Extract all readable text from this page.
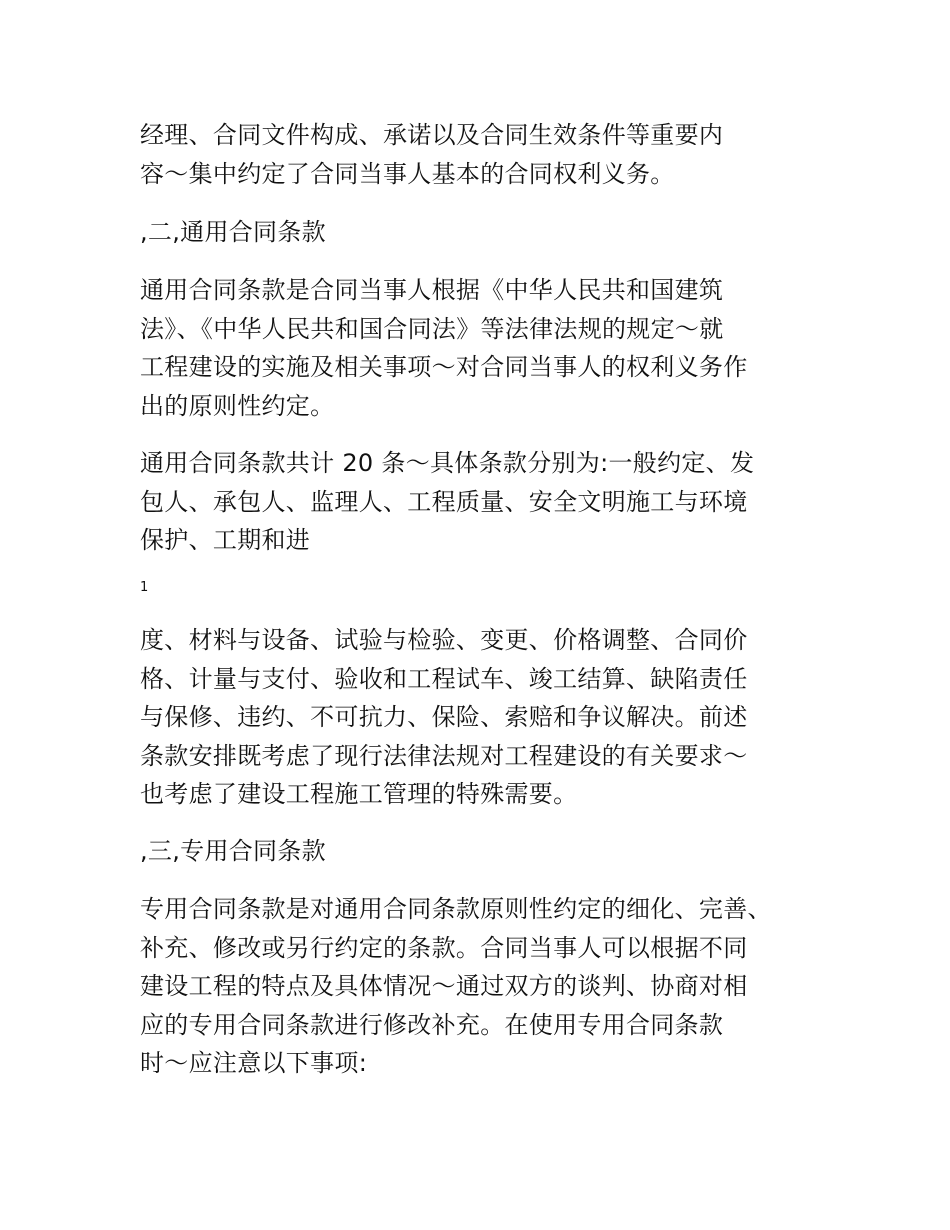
经理、合同文件构成、承诺以及合同生效条件等重要内
容～集中约定了合同当事人基本的合同权利义务。

,二,通用合同条款

通用合同条款是合同当事人根据《中华人民共和国建筑
法》、《中华人民共和国合同法》等法律法规的规定～就
工程建设的实施及相关事项～对合同当事人的权利义务作
出的原则性约定。

通用合同条款共计 20 条～具体条款分别为:一般约定、发
包人、承包人、监理人、工程质量、安全文明施工与环境
保护、工期和进

1

度、材料与设备、试验与检验、变更、价格调整、合同价
格、计量与支付、验收和工程试车、竣工结算、缺陷责任
与保修、违约、不可抗力、保险、索赔和争议解决。前述
条款安排既考虑了现行法律法规对工程建设的有关要求～
也考虑了建设工程施工管理的特殊需要。

,三,专用合同条款

专用合同条款是对通用合同条款原则性约定的细化、完善、
补充、修改或另行约定的条款。合同当事人可以根据不同
建设工程的特点及具体情况～通过双方的谈判、协商对相
应的专用合同条款进行修改补充。在使用专用合同条款
时～应注意以下事项:
